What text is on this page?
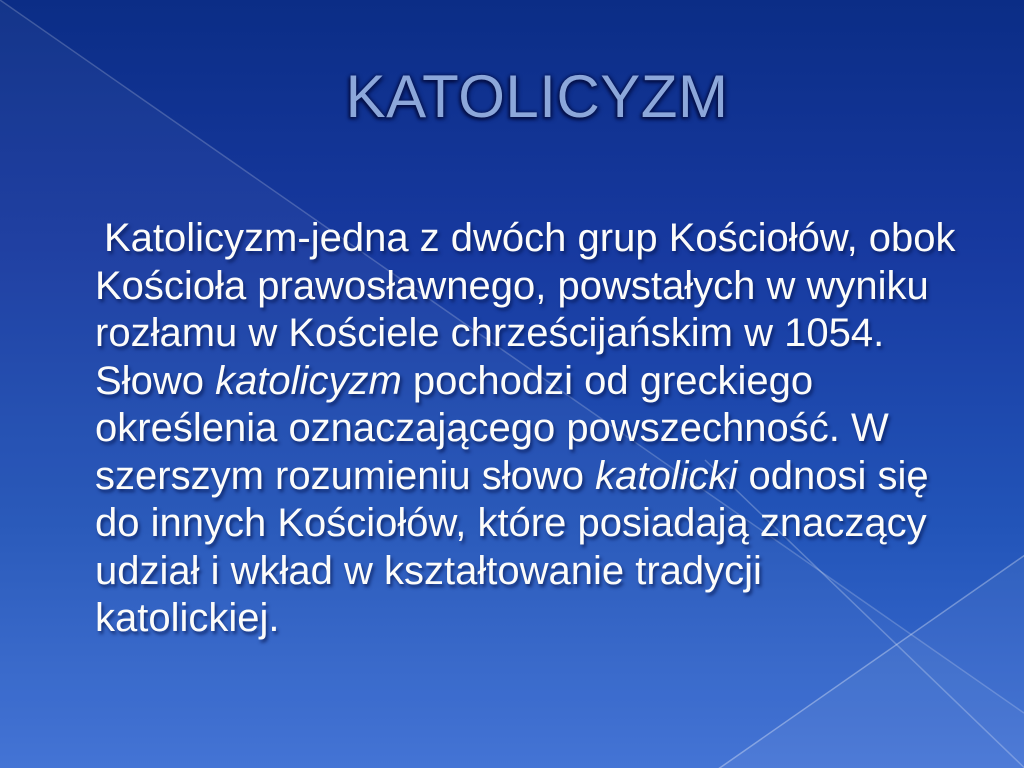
KATOLICYZM
Katolicyzm-jedna z dwóch grup Kościołów, obok
Kościoła prawosławnego, powstałych w wyniku
rozłamu w Kościele chrześcijańskim w 1054.
Słowo katolicyzm pochodzi od greckiego
określenia oznaczającego powszechność. W
szerszym rozumieniu słowo katolicki odnosi się
do innych Kościołów, które posiadają znaczący
udział i wkład w kształtowanie tradycji
katolickiej.
